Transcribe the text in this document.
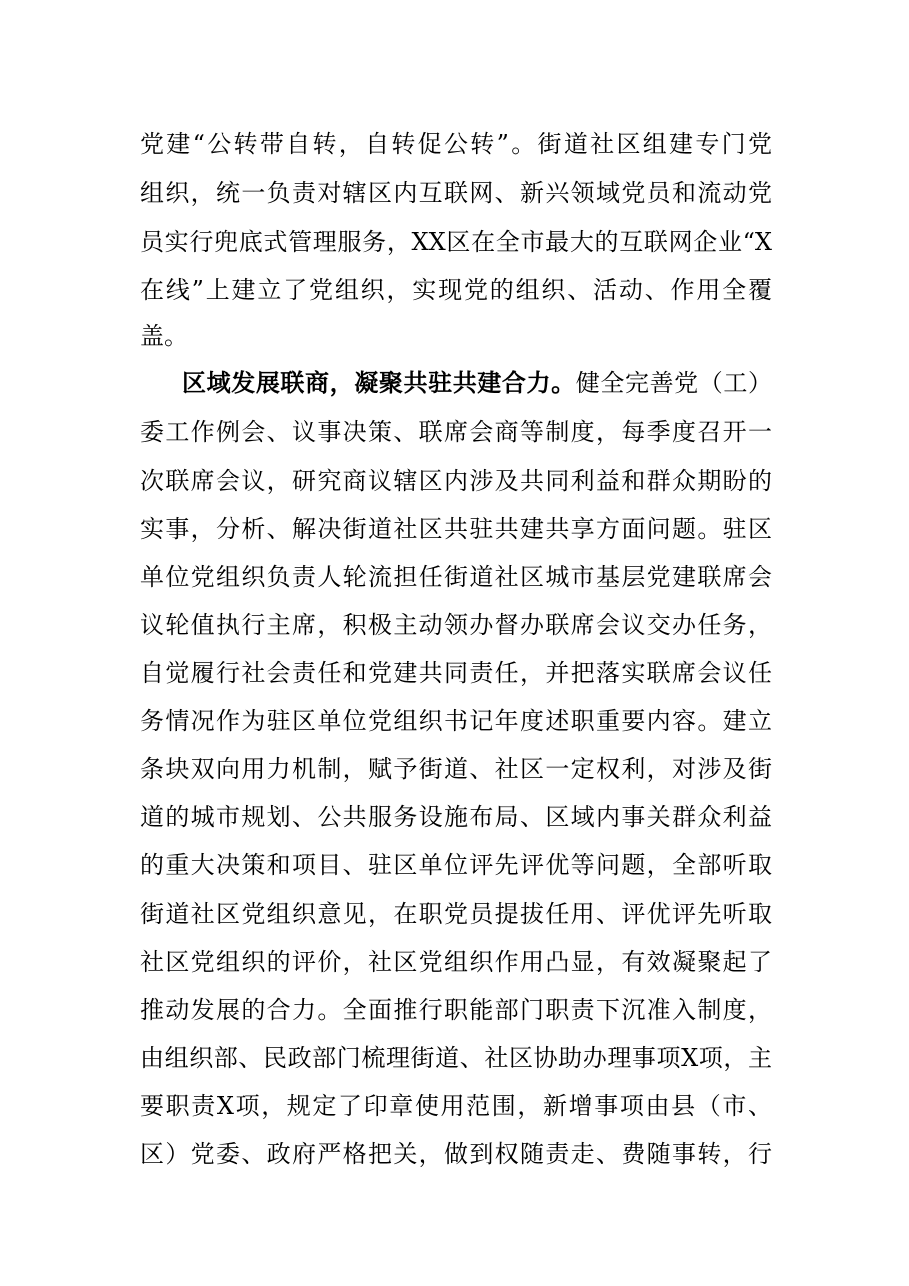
党建“公转带自转，自转促公转”。街道社区组建专门党
组织，统一负责对辖区内互联网、新兴领域党员和流动党
员实行兜底式管理服务，XX区在全市最大的互联网企业“X
在线”上建立了党组织，实现党的组织、活动、作用全覆
盖。
区域发展联商，凝聚共驻共建合力。健全完善党（工）
委工作例会、议事决策、联席会商等制度，每季度召开一
次联席会议，研究商议辖区内涉及共同利益和群众期盼的
实事，分析、解决街道社区共驻共建共享方面问题。驻区
单位党组织负责人轮流担任街道社区城市基层党建联席会
议轮值执行主席，积极主动领办督办联席会议交办任务，
自觉履行社会责任和党建共同责任，并把落实联席会议任
务情况作为驻区单位党组织书记年度述职重要内容。建立
条块双向用力机制，赋予街道、社区一定权利，对涉及街
道的城市规划、公共服务设施布局、区域内事关群众利益
的重大决策和项目、驻区单位评先评优等问题，全部听取
街道社区党组织意见，在职党员提拔任用、评优评先听取
社区党组织的评价，社区党组织作用凸显，有效凝聚起了
推动发展的合力。全面推行职能部门职责下沉准入制度，
由组织部、民政部门梳理街道、社区协助办理事项X项，主
要职责X项，规定了印章使用范围，新增事项由县（市、
区）党委、政府严格把关，做到权随责走、费随事转，行
